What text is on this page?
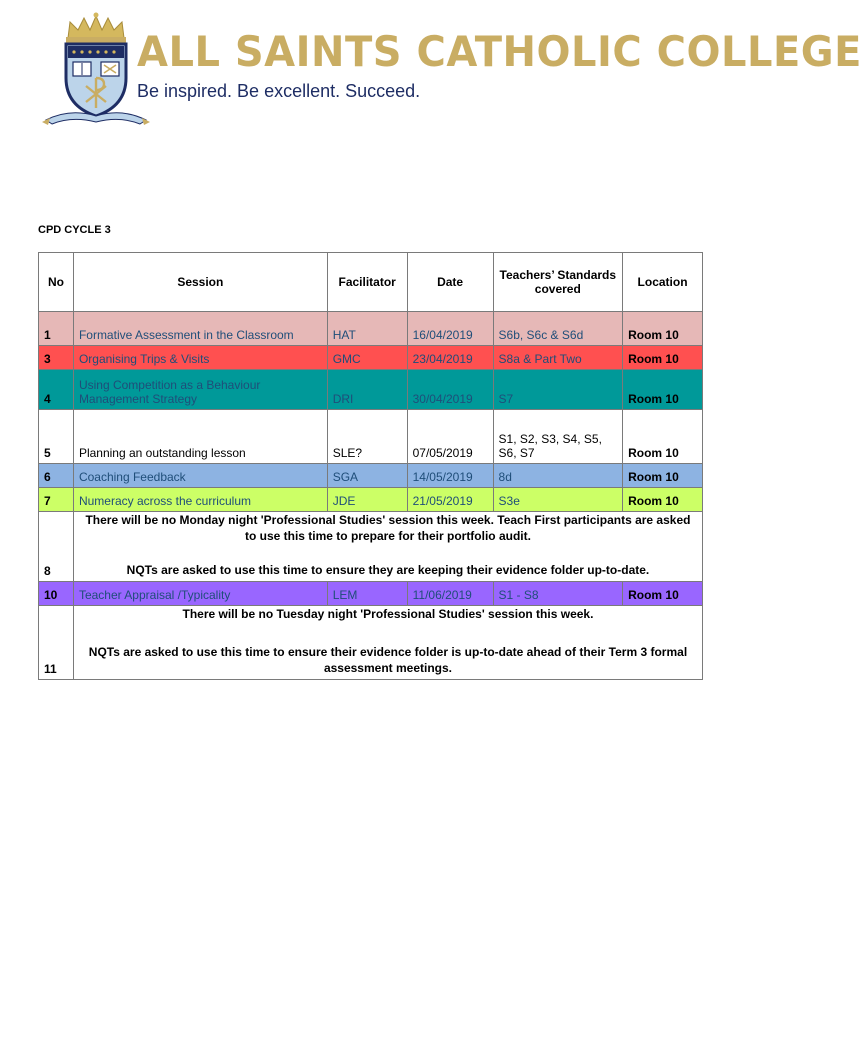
ALL SAINTS CATHOLIC COLLEGE
Be inspired. Be excellent. Succeed.
CPD CYCLE 3
No	Session	Facilitator	Date	Teachers’ Standards covered	Location
1	Formative Assessment in the Classroom	HAT	16/04/2019	S6b, S6c & S6d	Room 10
3	Organising Trips & Visits	GMC	23/04/2019	S8a & Part Two	Room 10
4	Using Competition as a Behaviour Management Strategy	DRI	30/04/2019	S7	Room 10
5	Planning an outstanding lesson	SLE?	07/05/2019	S1, S2, S3, S4, S5, S6, S7	Room 10
6	Coaching Feedback	SGA	14/05/2019	8d	Room 10
7	Numeracy across the curriculum	JDE	21/05/2019	S3e	Room 10
8	There will be no Monday night 'Professional Studies' session this week. Teach First participants are asked to use this time to prepare for their portfolio audit.

NQTs are asked to use this time to ensure they are keeping their evidence folder up-to-date.				

10	Teacher Appraisal /Typicality	LEM	11/06/2019	S1 - S8	Room 10
11	There will be no Tuesday night 'Professional Studies' session this week.

NQTs are asked to use this time to ensure their evidence folder is up-to-date ahead of their Term 3 formal assessment meetings.				
